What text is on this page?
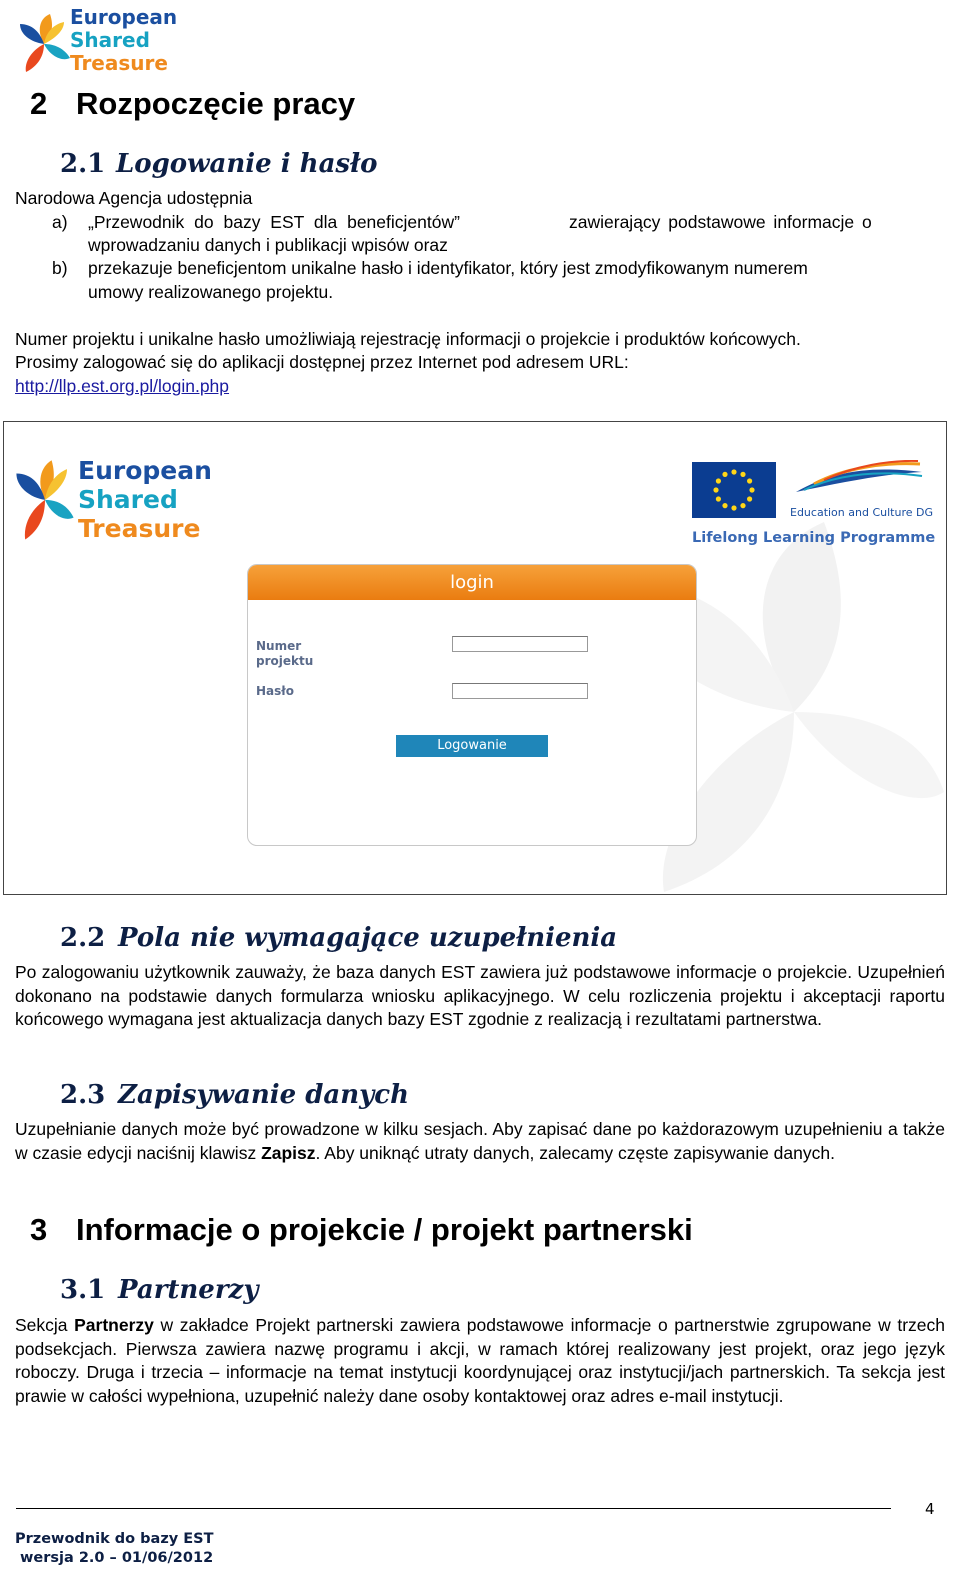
European
Shared
Treasure
2 Rozpoczęcie pracy
2.1 Logowanie i hasło
Narodowa Agencja udostępnia
a) „Przewodnik do bazy EST dla beneficjentów”	zawierający podstawowe informacje o
wprowadzaniu danych i publikacji wpisów oraz
b) przekazuje beneficjentom unikalne hasło i identyfikator, który jest zmodyfikowanym numerem
umowy realizowanego projektu.
Numer projektu i unikalne hasło umożliwiają rejestrację informacji o projekcie i produktów końcowych.
Prosimy zalogować się do aplikacji dostępnej przez Internet pod adresem URL:
http://llp.est.org.pl/login.php
European
Shared
Treasure
Education and Culture DG
Lifelong Learning Programme
login
Numer
projektu
Hasło
Logowanie
2.2 Pola nie wymagające uzupełnienia

Po zalogowaniu użytkownik zauważy, że baza danych EST zawiera już podstawowe informacje o projekcie. Uzupełnień dokonano na podstawie danych formularza wniosku aplikacyjnego. W celu rozliczenia projektu i akceptacji raportu końcowego wymagana jest aktualizacja danych bazy EST zgodnie z realizacją i rezultatami partnerstwa.

2.3 Zapisywanie danych

Uzupełnianie danych może być prowadzone w kilku sesjach. Aby zapisać dane po każdorazowym uzupełnieniu a także w czasie edycji naciśnij klawisz Zapisz. Aby uniknąć utraty danych, zalecamy częste zapisywanie danych.

3 Informacje o projekcie / projekt partnerski
3.1 Partnerzy

Sekcja Partnerzy w zakładce Projekt partnerski zawiera podstawowe informacje o partnerstwie zgrupowane w trzech podsekcjach. Pierwsza zawiera nazwę programu i akcji, w ramach której realizowany jest projekt, oraz jego język roboczy. Druga i trzecia – informacje na temat instytucji koordynującej oraz instytucji/jach partnerskich. Ta sekcja jest prawie w całości wypełniona, uzupełnić należy dane osoby kontaktowej oraz adres e-mail instytucji.

4
Przewodnik do bazy EST
wersja 2.0 – 01/06/2012
